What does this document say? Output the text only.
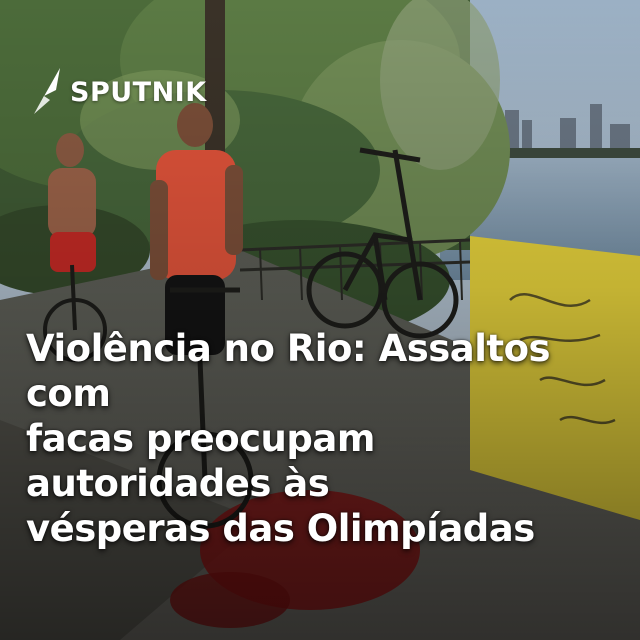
SPUTNIK
Violência no Rio: Assaltos com
facas preocupam autoridades às
vésperas das Olimpíadas
